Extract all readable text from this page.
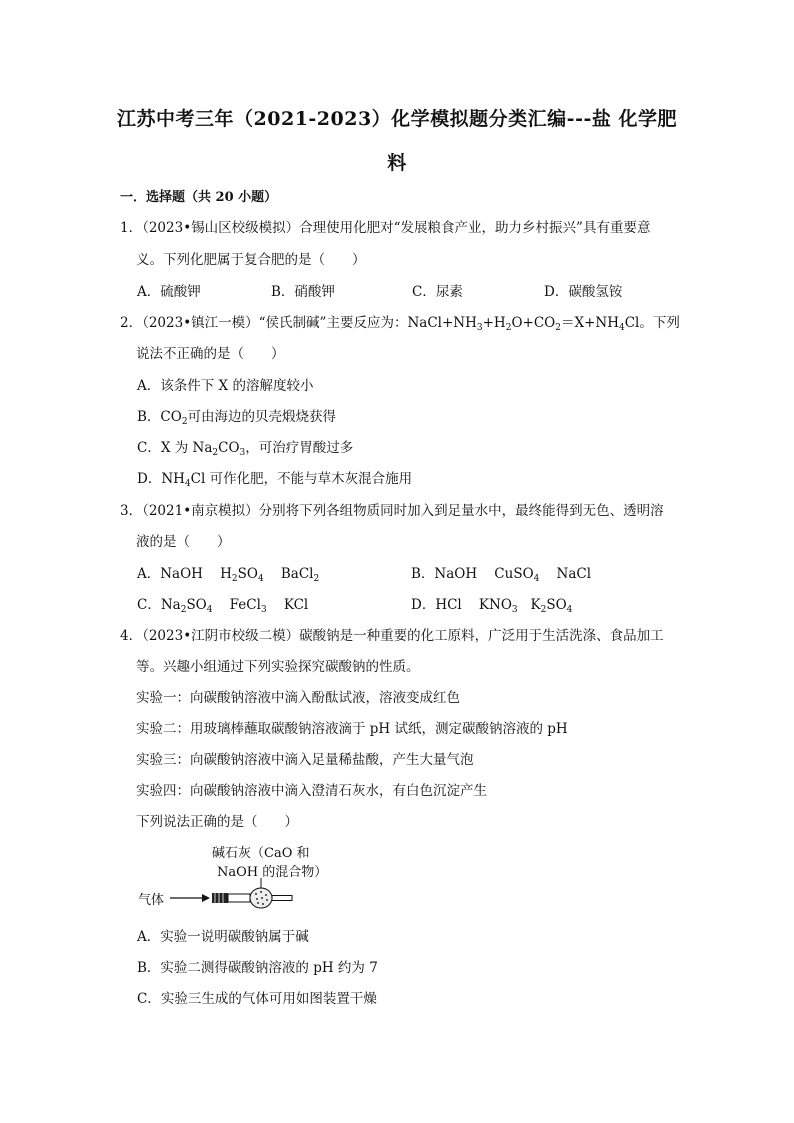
江苏中考三年（2021-2023）化学模拟题分类汇编---盐 化学肥
料
一．选择题（共 20 小题）
1．（2023•锡山区校级模拟）合理使用化肥对“发展粮食产业，助力乡村振兴”具有重要意
义。下列化肥属于复合肥的是（　　）
A．硫酸钾	B．硝酸钾	C．尿素	D．碳酸氢铵
2．（2023•镇江一模）“侯氏制碱”主要反应为：$NaCl+NH_3+H_2O+CO_2=X+NH_4Cl$。下列
说法不正确的是（　　）
A．该条件下 X 的溶解度较小
B．$CO_2$可由海边的贝壳煅烧获得
C．X 为 $Na_2CO_3$，可治疗胃酸过多
D．$NH_4Cl$ 可作化肥，不能与草木灰混合施用
3．（2021•南京模拟）分别将下列各组物质同时加入到足量水中，最终能得到无色、透明溶
液的是（　　）
A．NaOH $H_2SO_4$ BaCl$_2$	B．NaOH CuSO$_4$ NaCl
C．$Na_2SO_4$ FeCl$_3$ KCl	D．HCl $KNO_3$ $K_2SO_4$
4．（2023•江阴市校级二模）碳酸钠是一种重要的化工原料，广泛用于生活洗涤、食品加工
等。兴趣小组通过下列实验探究碳酸钠的性质。
实验一：向碳酸钠溶液中滴入酚酞试液，溶液变成红色
实验二：用玻璃棒蘸取碳酸钠溶液滴于 pH 试纸，测定碳酸钠溶液的 pH
实验三：向碳酸钠溶液中滴入足量稀盐酸，产生大量气泡
实验四：向碳酸钠溶液中滴入澄清石灰水，有白色沉淀产生
下列说法正确的是（　　）
碱石灰（CaO 和
NaOH 的混合物）
气体
A．实验一说明碳酸钠属于碱
B．实验二测得碳酸钠溶液的 pH 约为 7
C．实验三生成的气体可用如图装置干燥
